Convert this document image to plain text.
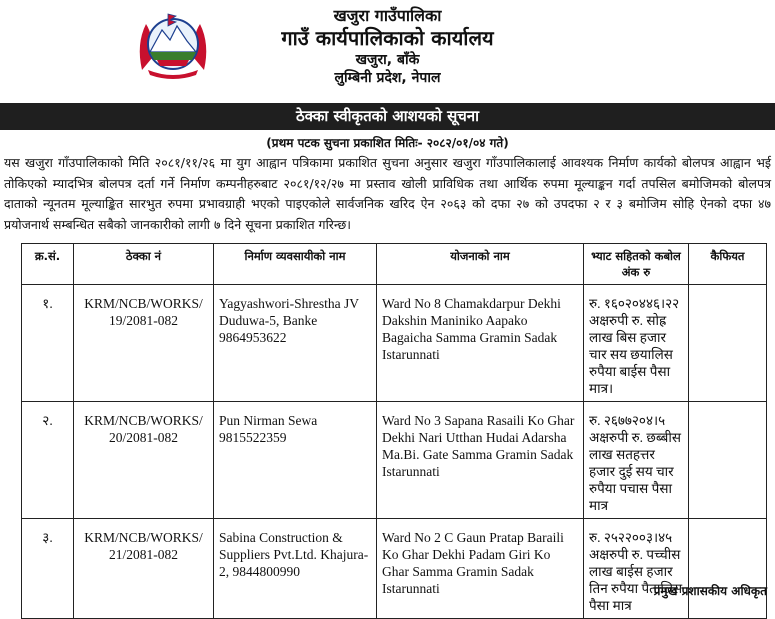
खजुरा गाउँपालिका
गाउँ कार्यपालिकाको कार्यालय
खजुरा, बाँके
लुम्बिनी प्रदेश, नेपाल
ठेक्का स्वीकृतको आशयको सूचना
(प्रथम पटक सुचना प्रकाशित मितिः- २०८२/०१/०४ गते)
यस खजुरा गाँउपालिकाको मिति २०८१/११/२६ मा युग आह्वान पत्रिकामा प्रकाशित सुचना अनुसार खजुरा गाँउपालिकालाई आवश्यक निर्माण कार्यको बोलपत्र आह्वान भई तोकिएको म्यादभित्र बोलपत्र दर्ता गर्ने निर्माण कम्पनीहरुबाट २०८१/१२/२७ मा प्रस्ताव खोली प्राविधिक तथा आर्थिक रुपमा मूल्याङ्कन गर्दा तपसिल बमोजिमको बोलपत्र दाताको न्यूनतम मूल्याङ्कित सारभुत रुपमा प्रभावग्राही भएको पाइएकोले सार्वजनिक खरिद ऐन २०६३ को दफा २७ को उपदफा २ र ३ बमोजिम सोहि ऐनको दफा ४७ प्रयोजनार्थ सम्बन्धित सबैको जानकारीको लागी ७ दिने सूचना प्रकाशित गरिन्छ।
क्र.सं.	ठेक्का नं	निर्माण व्यवसायीको नाम	योजनाको नाम	भ्याट सहितको कबोल अंक रु	कैफियत
१.	KRM/NCB/WORKS/ 19/2081-082	Yagyashwori-Shrestha JV Duduwa-5, Banke 9864953622	Ward No 8 Chamakdarpur Dekhi Dakshin Maniniko Aapako Bagaicha Samma Gramin Sadak Istarunnati	रु. १६०२०४४६।२२ अक्षरुपी रु. सोह्र लाख बिस हजार चार सय छयालिस रुपैया बाईस पैसा मात्र।	
२.	KRM/NCB/WORKS/ 20/2081-082	Pun Nirman Sewa 9815522359	Ward No 3 Sapana Rasaili Ko Ghar Dekhi Nari Utthan Hudai Adarsha Ma.Bi. Gate Samma Gramin Sadak Istarunnati	रु. २६७७२०४।५ अक्षरुपी रु. छब्बीस लाख सतहत्तर हजार दुई सय चार रुपैया पचास पैसा मात्र	
३.	KRM/NCB/WORKS/ 21/2081-082	Sabina Construction & Suppliers Pvt.Ltd. Khajura-2, 9844800990	Ward No 2 C Gaun Pratap Baraili Ko Ghar Dekhi Padam Giri Ko Ghar Samma Gramin Sadak Istarunnati	रु. २५२२००३।४५ अक्षरुपी रु. पच्चीस लाख बाईस हजार तिन रुपैया पैतालिस पैसा मात्र	
प्रमुख प्रशासकीय अधिकृत
